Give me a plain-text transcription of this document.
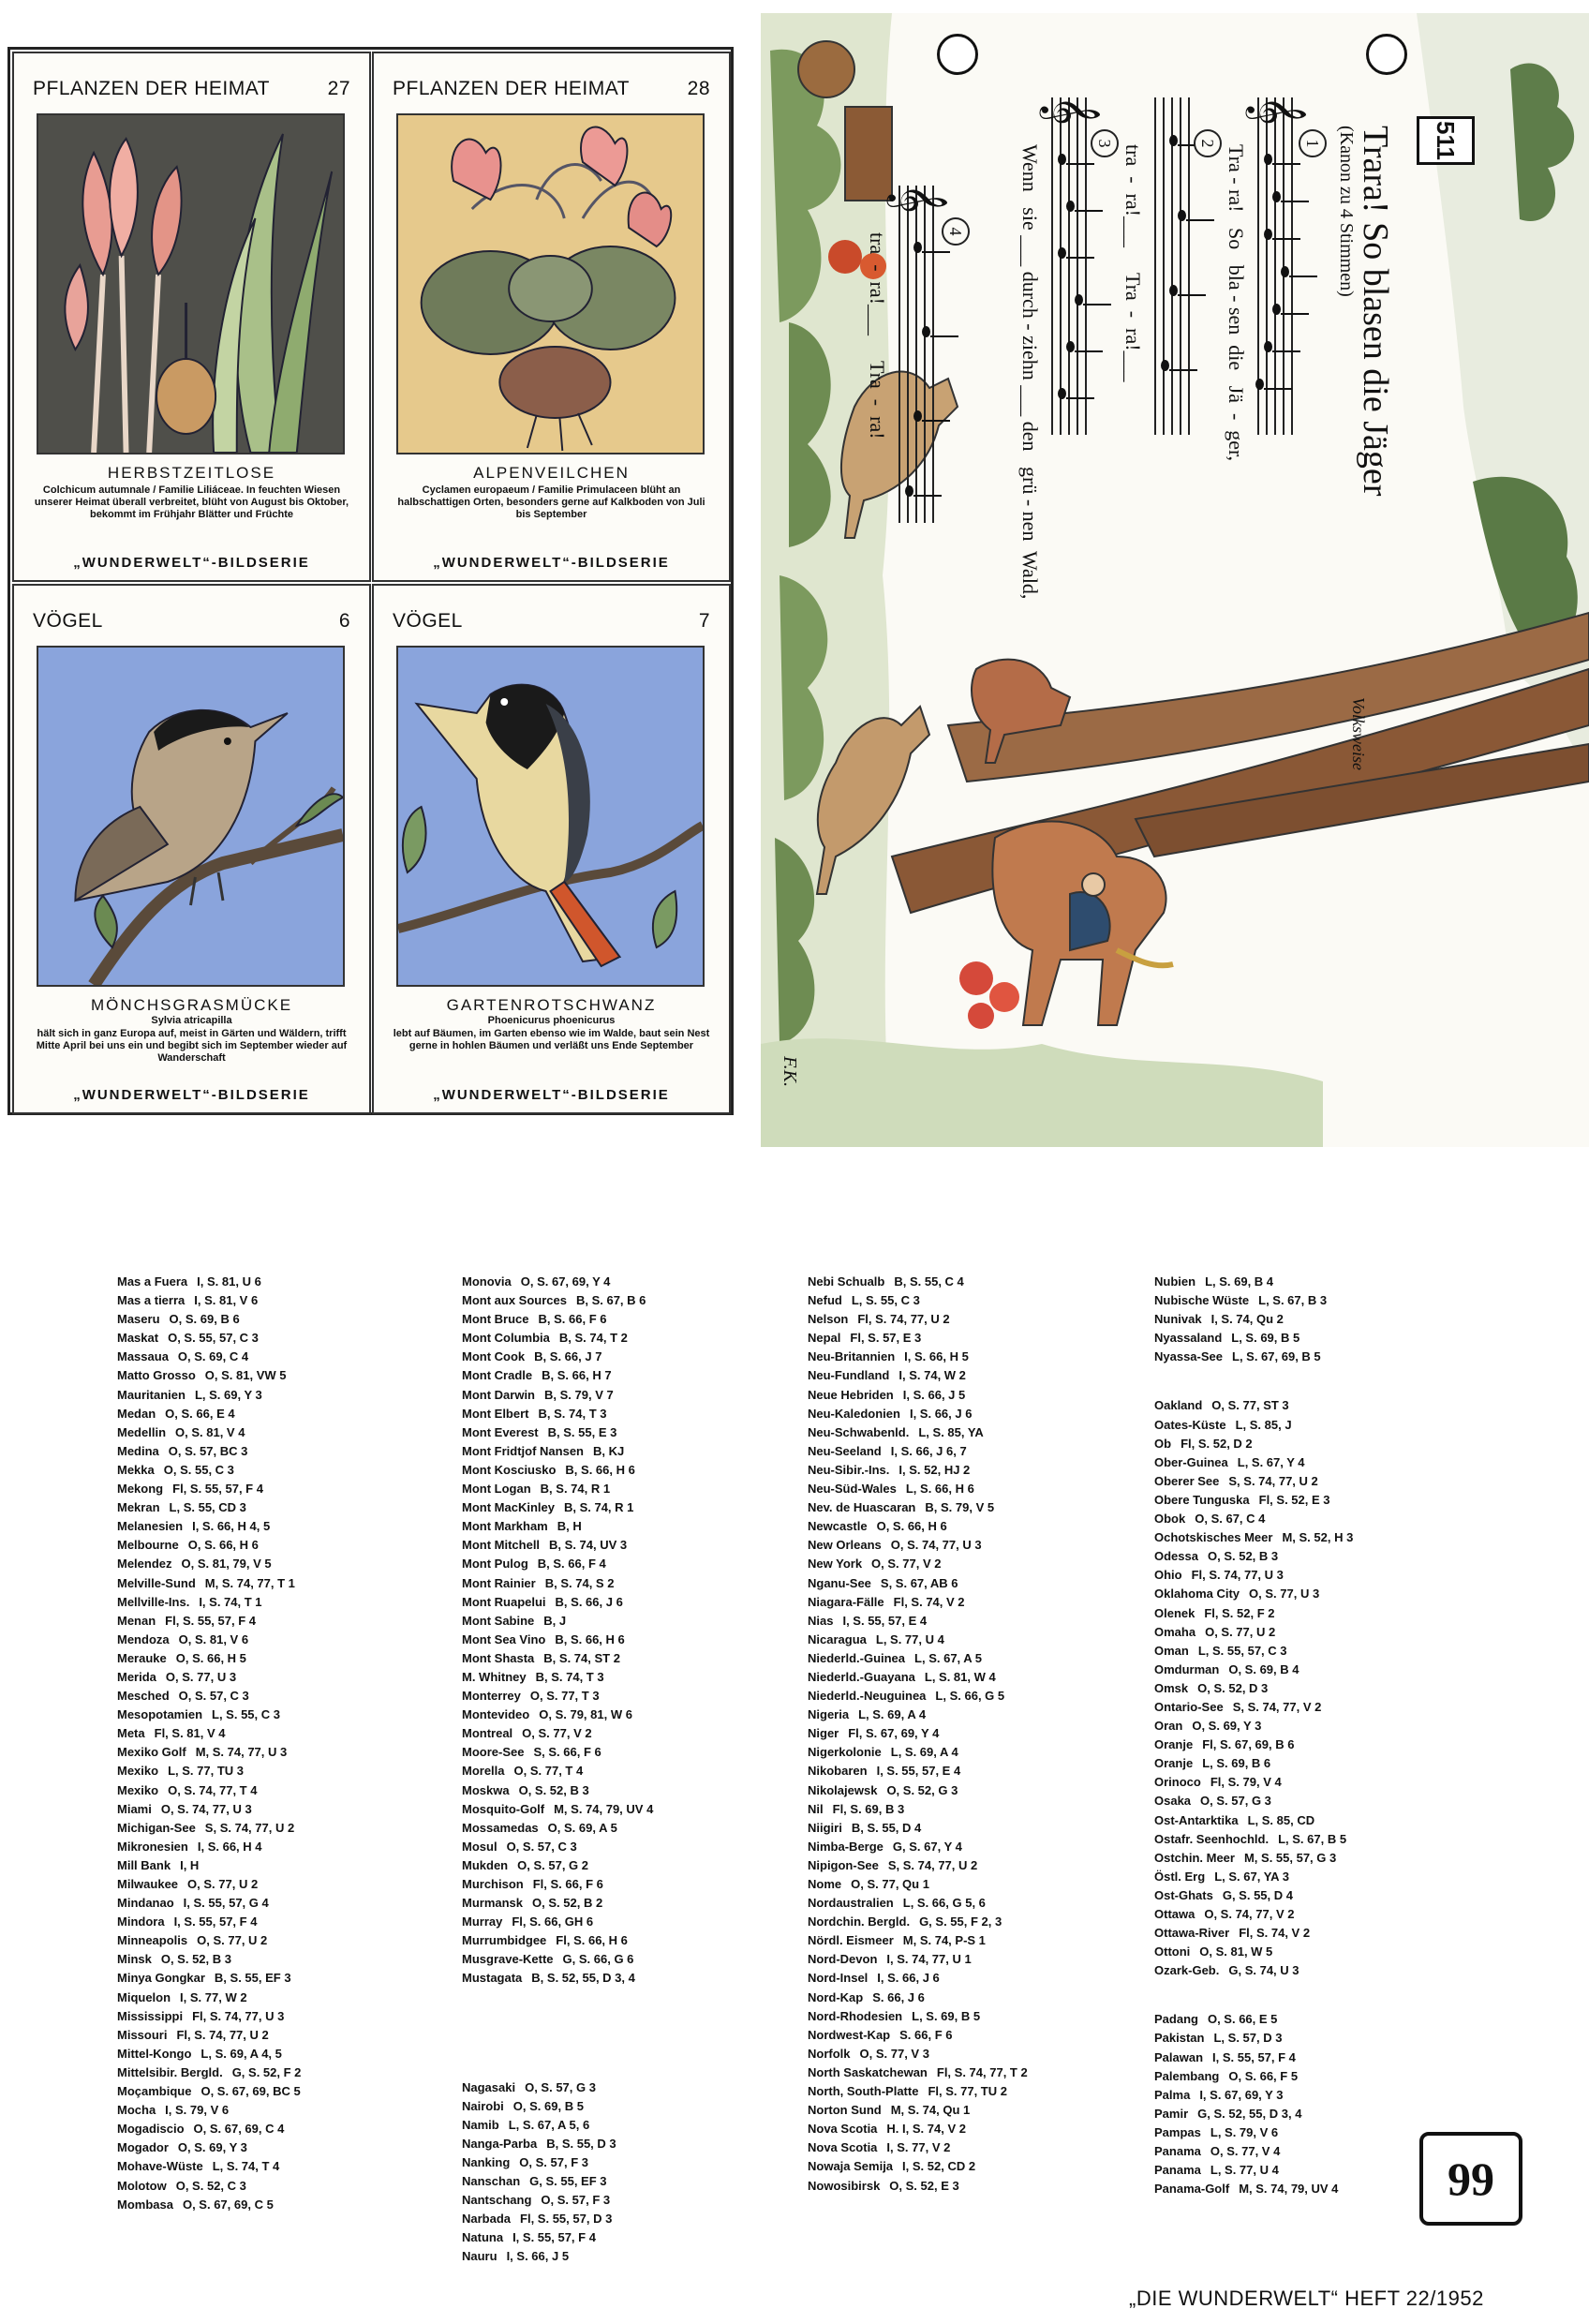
PFLANZEN DER HEIMAT	27
HERBSTZEITLOSE
Colchicum autumnale / Familie Liliáceae. In feuchten Wiesen unserer Heimat überall verbreitet, blüht von August bis Oktober, bekommt im Frühjahr Blätter und Früchte
„WUNDERWELT“-BILDSERIE
PFLANZEN DER HEIMAT	28
ALPENVEILCHEN
Cyclamen europaeum / Familie Primulaceen blüht an halbschattigen Orten, besonders gerne auf Kalkboden von Juli bis September
„WUNDERWELT“-BILDSERIE
VÖGEL	6
MÖNCHSGRASMÜCKE
Sylvia atricapilla
hält sich in ganz Europa auf, meist in Gärten und Wäldern, trifft Mitte April bei uns ein und begibt sich im September wieder auf Wanderschaft
„WUNDERWELT“-BILDSERIE
VÖGEL	7
GARTENROTSCHWANZ
Phoenicurus phoenicurus
lebt auf Bäumen, im Garten ebenso wie im Walde, baut sein Nest gerne in hohlen Bäumen und verläßt uns Ende September
„WUNDERWELT“-BILDSERIE
511
Trara! So blasen die Jäger
(Kanon zu 4 Stimmen)
Volksweise
𝄞
1
Tra - ra!   So   bla - sen  die   Jä  -  ger,
2
tra  -  ra!___     Tra  -  ra!___
𝄞
3
Wenn   sie ___ durch - ziehn ___ den   grü - nen  Wald,
𝄞
4
tra  -  ra!___     Tra  -  ra!
F.K.
Mas a Fuera I, S. 81, U 6
Mas a tierra I, S. 81, V 6
Maseru O, S. 69, B 6
Maskat O, S. 55, 57, C 3
Massaua O, S. 69, C 4
Matto Grosso O, S. 81, VW 5
Mauritanien L, S. 69, Y 3
Medan O, S. 66, E 4
Medellin O, S. 81, V 4
Medina O, S. 57, BC 3
Mekka O, S. 55, C 3
Mekong Fl, S. 55, 57, F 4
Mekran L, S. 55, CD 3
Melanesien I, S. 66, H 4, 5
Melbourne O, S. 66, H 6
Melendez O, S. 81, 79, V 5
Melville-Sund M, S. 74, 77, T 1
Mellville-Ins. I, S. 74, T 1
Menan Fl, S. 55, 57, F 4
Mendoza O, S. 81, V 6
Merauke O, S. 66, H 5
Merida O, S. 77, U 3
Mesched O, S. 57, C 3
Mesopotamien L, S. 55, C 3
Meta Fl, S. 81, V 4
Mexiko Golf M, S. 74, 77, U 3
Mexiko L, S. 77, TU 3
Mexiko O, S. 74, 77, T 4
Miami O, S. 74, 77, U 3
Michigan-See S, S. 74, 77, U 2
Mikronesien I, S. 66, H 4
Mill Bank I, H
Milwaukee O, S. 77, U 2
Mindanao I, S. 55, 57, G 4
Mindora I, S. 55, 57, F 4
Minneapolis O, S. 77, U 2
Minsk O, S. 52, B 3
Minya Gongkar B, S. 55, EF 3
Miquelon I, S. 77, W 2
Mississippi Fl, S. 74, 77, U 3
Missouri Fl, S. 74, 77, U 2
Mittel-Kongo L, S. 69, A 4, 5
Mittelsibir. Bergld. G, S. 52, F 2
Moçambique O, S. 67, 69, BC 5
Mocha I, S. 79, V 6
Mogadiscio O, S. 67, 69, C 4
Mogador O, S. 69, Y 3
Mohave-Wüste L, S. 74, T 4
Molotow O, S. 52, C 3
Mombasa O, S. 67, 69, C 5
Monovia O, S. 67, 69, Y 4
Mont aux Sources B, S. 67, B 6
Mont Bruce B, S. 66, F 6
Mont Columbia B, S. 74, T 2
Mont Cook B, S. 66, J 7
Mont Cradle B, S. 66, H 7
Mont Darwin B, S. 79, V 7
Mont Elbert B, S. 74, T 3
Mont Everest B, S. 55, E 3
Mont Fridtjof Nansen B, KJ
Mont Kosciusko B, S. 66, H 6
Mont Logan B, S. 74, R 1
Mont MacKinley B, S. 74, R 1
Mont Markham B, H
Mont Mitchell B, S. 74, UV 3
Mont Pulog B, S. 66, F 4
Mont Rainier B, S. 74, S 2
Mont Ruapelui B, S. 66, J 6
Mont Sabine B, J
Mont Sea Vino B, S. 66, H 6
Mont Shasta B, S. 74, ST 2
M. Whitney B, S. 74, T 3
Monterrey O, S. 77, T 3
Montevideo O, S. 79, 81, W 6
Montreal O, S. 77, V 2
Moore-See S, S. 66, F 6
Morella O, S. 77, T 4
Moskwa O, S. 52, B 3
Mosquito-Golf M, S. 74, 79, UV 4
Mossamedas O, S. 69, A 5
Mosul O, S. 57, C 3
Mukden O, S. 57, G 2
Murchison Fl, S. 66, F 6
Murmansk O, S. 52, B 2
Murray Fl, S. 66, GH 6
Murrumbidgee Fl, S. 66, H 6
Musgrave-Kette G, S. 66, G 6
Mustagata B, S. 52, 55, D 3, 4
Nagasaki O, S. 57, G 3
Nairobi O, S. 69, B 5
Namib L, S. 67, A 5, 6
Nanga-Parba B, S. 55, D 3
Nanking O, S. 57, F 3
Nanschan G, S. 55, EF 3
Nantschang O, S. 57, F 3
Narbada Fl, S. 55, 57, D 3
Natuna I, S. 55, 57, F 4
Nauru I, S. 66, J 5
Nebi Schualb B, S. 55, C 4
Nefud L, S. 55, C 3
Nelson Fl, S. 74, 77, U 2
Nepal Fl, S. 57, E 3
Neu-Britannien I, S. 66, H 5
Neu-Fundland I, S. 74, W 2
Neue Hebriden I, S. 66, J 5
Neu-Kaledonien I, S. 66, J 6
Neu-Schwabenld. L, S. 85, YA
Neu-Seeland I, S. 66, J 6, 7
Neu-Sibir.-Ins. I, S. 52, HJ 2
Neu-Süd-Wales L, S. 66, H 6
Nev. de Huascaran B, S. 79, V 5
Newcastle O, S. 66, H 6
New Orleans O, S. 74, 77, U 3
New York O, S. 77, V 2
Nganu-See S, S. 67, AB 6
Niagara-Fälle Fl, S. 74, V 2
Nias I, S. 55, 57, E 4
Nicaragua L, S. 77, U 4
Niederld.-Guinea L, S. 67, A 5
Niederld.-Guayana L, S. 81, W 4
Niederld.-Neuguinea L, S. 66, G 5
Nigeria L, S. 69, A 4
Niger Fl, S. 67, 69, Y 4
Nigerkolonie L, S. 69, A 4
Nikobaren I, S. 55, 57, E 4
Nikolajewsk O, S. 52, G 3
Nil Fl, S. 69, B 3
Niigiri B, S. 55, D 4
Nimba-Berge G, S. 67, Y 4
Nipigon-See S, S. 74, 77, U 2
Nome O, S. 77, Qu 1
Nordaustralien L, S. 66, G 5, 6
Nordchin. Bergld. G, S. 55, F 2, 3
Nördl. Eismeer M, S. 74, P-S 1
Nord-Devon I, S. 74, 77, U 1
Nord-Insel I, S. 66, J 6
Nord-Kap S. 66, J 6
Nord-Rhodesien L, S. 69, B 5
Nordwest-Kap S. 66, F 6
Norfolk O, S. 77, V 3
North Saskatchewan Fl, S. 74, 77, T 2
North, South-Platte Fl, S. 77, TU 2
Norton Sund M, S. 74, Qu 1
Nova Scotia H. I, S. 74, V 2
Nova Scotia I, S. 77, V 2
Nowaja Semija I, S. 52, CD 2
Nowosibirsk O, S. 52, E 3
Nubien L, S. 69, B 4
Nubische Wüste L, S. 67, B 3
Nunivak I, S. 74, Qu 2
Nyassaland L, S. 69, B 5
Nyassa-See L, S. 67, 69, B 5
Oakland O, S. 77, ST 3
Oates-Küste L, S. 85, J
Ob Fl, S. 52, D 2
Ober-Guinea L, S. 67, Y 4
Oberer See S, S. 74, 77, U 2
Obere Tunguska Fl, S. 52, E 3
Obok O, S. 67, C 4
Ochotskisches Meer M, S. 52, H 3
Odessa O, S. 52, B 3
Ohio Fl, S. 74, 77, U 3
Oklahoma City O, S. 77, U 3
Olenek Fl, S. 52, F 2
Omaha O, S. 77, U 2
Oman L, S. 55, 57, C 3
Omdurman O, S. 69, B 4
Omsk O, S. 52, D 3
Ontario-See S, S. 74, 77, V 2
Oran O, S. 69, Y 3
Oranje Fl, S. 67, 69, B 6
Oranje L, S. 69, B 6
Orinoco Fl, S. 79, V 4
Osaka O, S. 57, G 3
Ost-Antarktika L, S. 85, CD
Ostafr. Seenhochld. L, S. 67, B 5
Ostchin. Meer M, S. 55, 57, G 3
Östl. Erg L, S. 67, YA 3
Ost-Ghats G, S. 55, D 4
Ottawa O, S. 74, 77, V 2
Ottawa-River Fl, S. 74, V 2
Ottoni O, S. 81, W 5
Ozark-Geb. G, S. 74, U 3
Padang O, S. 66, E 5
Pakistan L, S. 57, D 3
Palawan I, S. 55, 57, F 4
Palembang O, S. 66, F 5
Palma I, S. 67, 69, Y 3
Pamir G, S. 52, 55, D 3, 4
Pampas L, S. 79, V 6
Panama O, S. 77, V 4
Panama L, S. 77, U 4
Panama-Golf M, S. 74, 79, UV 4	99
„DIE WUNDERWELT“ HEFT 22/1952
